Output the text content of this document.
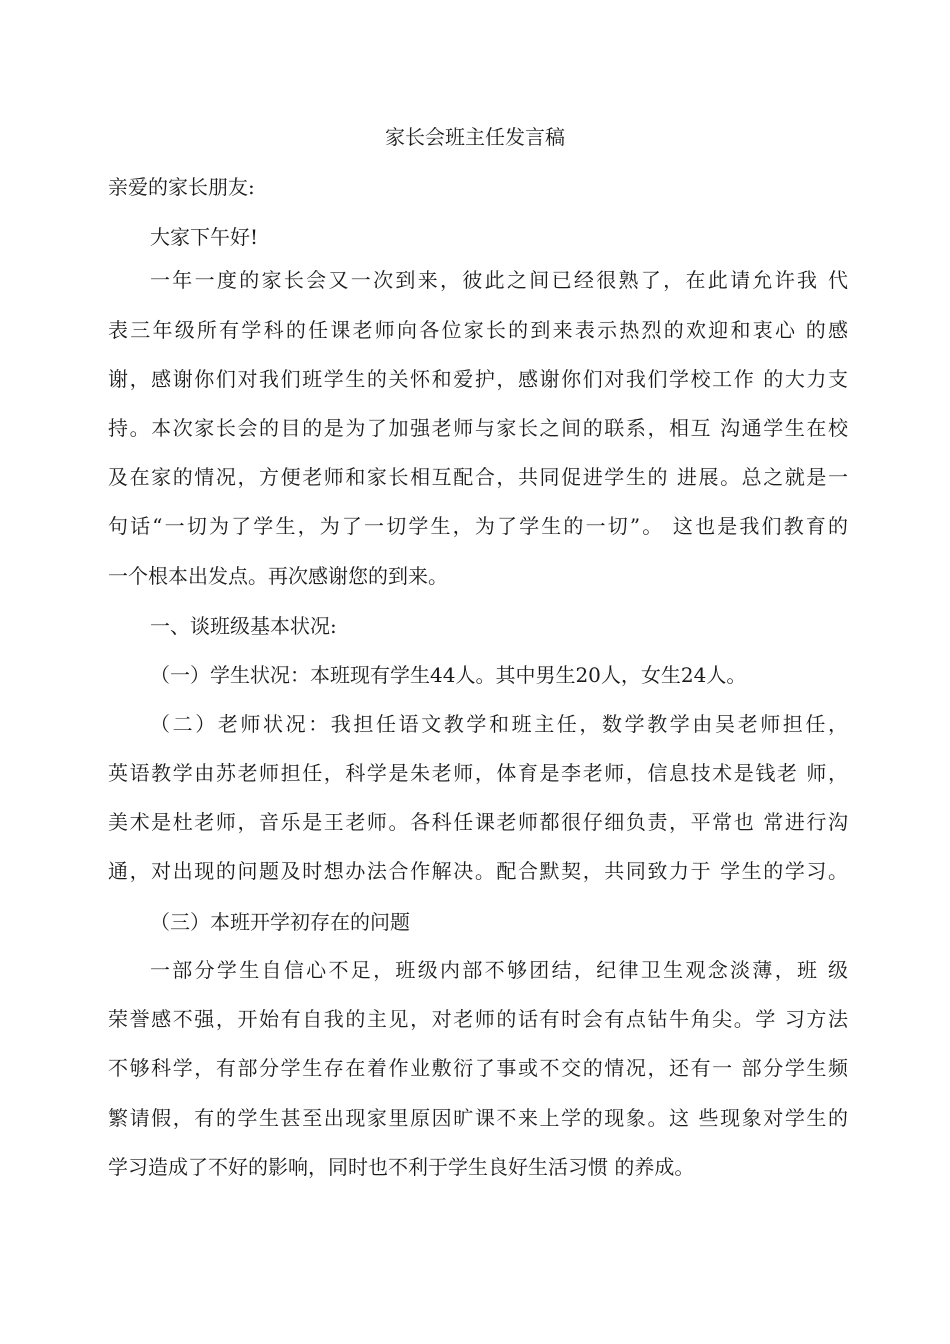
家长会班主任发言稿
亲爱的家长朋友:
大家下午好!
一年一度的家长会又一次到来，彼此之间已经很熟了，在此请允许我 代
表三年级所有学科的任课老师向各位家长的到来表示热烈的欢迎和衷心 的感
谢，感谢你们对我们班学生的关怀和爱护，感谢你们对我们学校工作 的大力支
持。本次家长会的目的是为了加强老师与家长之间的联系，相互 沟通学生在校
及在家的情况，方便老师和家长相互配合，共同促进学生的 进展。总之就是一
句话“一切为了学生，为了一切学生，为了学生的一切”。 这也是我们教育的
一个根本出发点。再次感谢您的到来。
一、谈班级基本状况:
（一）学生状况：本班现有学生44人。其中男生20人，女生24人。
（二）老师状况：我担任语文教学和班主任，数学教学由吴老师担任，
英语教学由苏老师担任，科学是朱老师，体育是李老师，信息技术是钱老 师，
美术是杜老师，音乐是王老师。各科任课老师都很仔细负责，平常也 常进行沟
通，对出现的问题及时想办法合作解决。配合默契，共同致力于 学生的学习。
（三）本班开学初存在的问题
一部分学生自信心不足，班级内部不够团结，纪律卫生观念淡薄，班 级
荣誉感不强，开始有自我的主见，对老师的话有时会有点钻牛角尖。学 习方法
不够科学，有部分学生存在着作业敷衍了事或不交的情况，还有一 部分学生频
繁请假，有的学生甚至出现家里原因旷课不来上学的现象。这 些现象对学生的
学习造成了不好的影响，同时也不利于学生良好生活习惯 的养成。
